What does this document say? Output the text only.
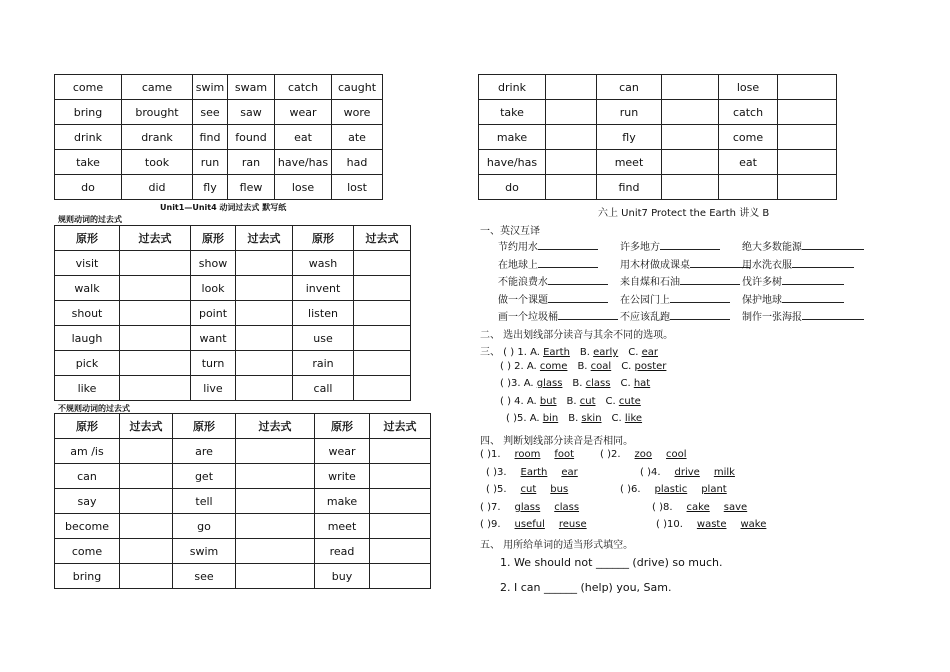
come	came	swim	swam	catch	caught
bring	brought	see	saw	wear	wore
drink	drank	find	found	eat	ate
take	took	run	ran	have/has	had
do	did	fly	flew	lose	lost
Unit1—Unit4 动词过去式 默写纸
规则动词的过去式
原形	过去式	原形	过去式	原形	过去式
visit		show		wash	
walk		look		invent	
shout		point		listen	
laugh		want		use	
pick		turn		rain	
like		live		call	
不规则动词的过去式
原形	过去式	原形	过去式	原形	过去式
am /is		are		wear	
can		get		write	
say		tell		make	
become		go		meet	
come		swim		read	
bring		see		buy	
drink		can		lose	
take		run		catch	
make		fly		come	
have/has		meet		eat	
do		find			
六上 Unit7 Protect the Earth 讲义 B
一、英汉互译
节约用水	许多地方	绝大多数能源
在地球上	用木材做成课桌	用水洗衣服
不能浪费水	来自煤和石油	伐许多树
做一个课题	在公园门上	保护地球
画一个垃圾桶	不应该乱跑	制作一张海报
二、 选出划线部分读音与其余不同的选项。
三、 ( ) 1. A. Earth B. early C. ear
( ) 2. A. come B. coal C. poster
( )3. A. glass B. class C. hat
( ) 4. A. but B. cut C. cute
( )5. A. bin B. skin C. like
四、 判断划线部分读音是否相同。
( )1. room foot	( )2. zoo cool
( )3. Earth ear	( )4. drive milk
( )5. cut bus	( )6. plastic plant
( )7. glass class	( )8. cake save
( )9. useful reuse	( )10. waste wake
五、 用所给单词的适当形式填空。
1. We should not ______ (drive) so much.
2. I can ______ (help) you, Sam.
